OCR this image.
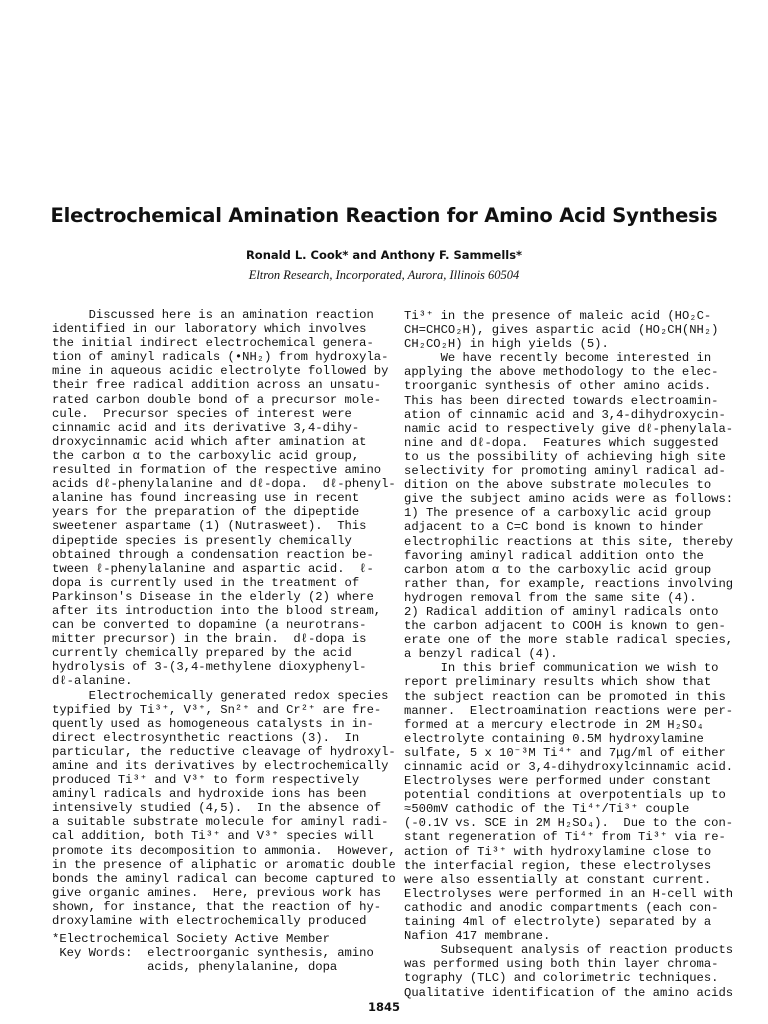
Electrochemical Amination Reaction for Amino Acid Synthesis
Ronald L. Cook* and Anthony F. Sammells*
Eltron Research, Incorporated, Aurora, Illinois 60504
Discussed here is an amination reaction
identified in our laboratory which involves
the initial indirect electrochemical genera-
tion of aminyl radicals (•NH₂) from hydroxyla-
mine in aqueous acidic electrolyte followed by
their free radical addition across an unsatu-
rated carbon double bond of a precursor mole-
cule.  Precursor species of interest were
cinnamic acid and its derivative 3,4-dihy-
droxycinnamic acid which after amination at
the carbon α to the carboxylic acid group,
resulted in formation of the respective amino
acids dℓ-phenylalanine and dℓ-dopa.  dℓ-phenyl-
alanine has found increasing use in recent
years for the preparation of the dipeptide
sweetener aspartame (1) (Nutrasweet).  This
dipeptide species is presently chemically
obtained through a condensation reaction be-
tween ℓ-phenylalanine and aspartic acid.  ℓ-
dopa is currently used in the treatment of
Parkinson's Disease in the elderly (2) where
after its introduction into the blood stream,
can be converted to dopamine (a neurotrans-
mitter precursor) in the brain.  dℓ-dopa is
currently chemically prepared by the acid
hydrolysis of 3-(3,4-methylene dioxyphenyl-
dℓ-alanine.
Electrochemically generated redox species
typified by Ti³⁺, V³⁺, Sn²⁺ and Cr²⁺ are fre-
quently used as homogeneous catalysts in in-
direct electrosynthetic reactions (3).  In
particular, the reductive cleavage of hydroxyl-
amine and its derivatives by electrochemically
produced Ti³⁺ and V³⁺ to form respectively
aminyl radicals and hydroxide ions has been
intensively studied (4,5).  In the absence of
a suitable substrate molecule for aminyl radi-
cal addition, both Ti³⁺ and V³⁺ species will
promote its decomposition to ammonia.  However,
in the presence of aliphatic or aromatic double
bonds the aminyl radical can become captured to
give organic amines.  Here, previous work has
shown, for instance, that the reaction of hy-
droxylamine with electrochemically produced
Ti³⁺ in the presence of maleic acid (HO₂C-
CH=CHCO₂H), gives aspartic acid (HO₂CH(NH₂)
CH₂CO₂H) in high yields (5).
We have recently become interested in
applying the above methodology to the elec-
troorganic synthesis of other amino acids.
This has been directed towards electroamin-
ation of cinnamic acid and 3,4-dihydroxycin-
namic acid to respectively give dℓ-phenylala-
nine and dℓ-dopa.  Features which suggested
to us the possibility of achieving high site
selectivity for promoting aminyl radical ad-
dition on the above substrate molecules to
give the subject amino acids were as follows:
1) The presence of a carboxylic acid group
adjacent to a C=C bond is known to hinder
electrophilic reactions at this site, thereby
favoring aminyl radical addition onto the
carbon atom α to the carboxylic acid group
rather than, for example, reactions involving
hydrogen removal from the same site (4).
2) Radical addition of aminyl radicals onto
the carbon adjacent to COOH is known to gen-
erate one of the more stable radical species,
a benzyl radical (4).
In this brief communication we wish to
report preliminary results which show that
the subject reaction can be promoted in this
manner.  Electroamination reactions were per-
formed at a mercury electrode in 2M H₂SO₄
electrolyte containing 0.5M hydroxylamine
sulfate, 5 x 10⁻³M Ti⁴⁺ and 7μg/ml of either
cinnamic acid or 3,4-dihydroxylcinnamic acid.
Electrolyses were performed under constant
potential conditions at overpotentials up to
≈500mV cathodic of the Ti⁴⁺/Ti³⁺ couple
(-0.1V vs. SCE in 2M H₂SO₄).  Due to the con-
stant regeneration of Ti⁴⁺ from Ti³⁺ via re-
action of Ti³⁺ with hydroxylamine close to
the interfacial region, these electrolyses
were also essentially at constant current.
Electrolyses were performed in an H-cell with
cathodic and anodic compartments (each con-
taining 4ml of electrolyte) separated by a
Nafion 417 membrane.
Subsequent analysis of reaction products
was performed using both thin layer chroma-
tography (TLC) and colorimetric techniques.
Qualitative identification of the amino acids
*Electrochemical Society Active Member
Key Words:  electroorganic synthesis, amino
acids, phenylalanine, dopa
1845
